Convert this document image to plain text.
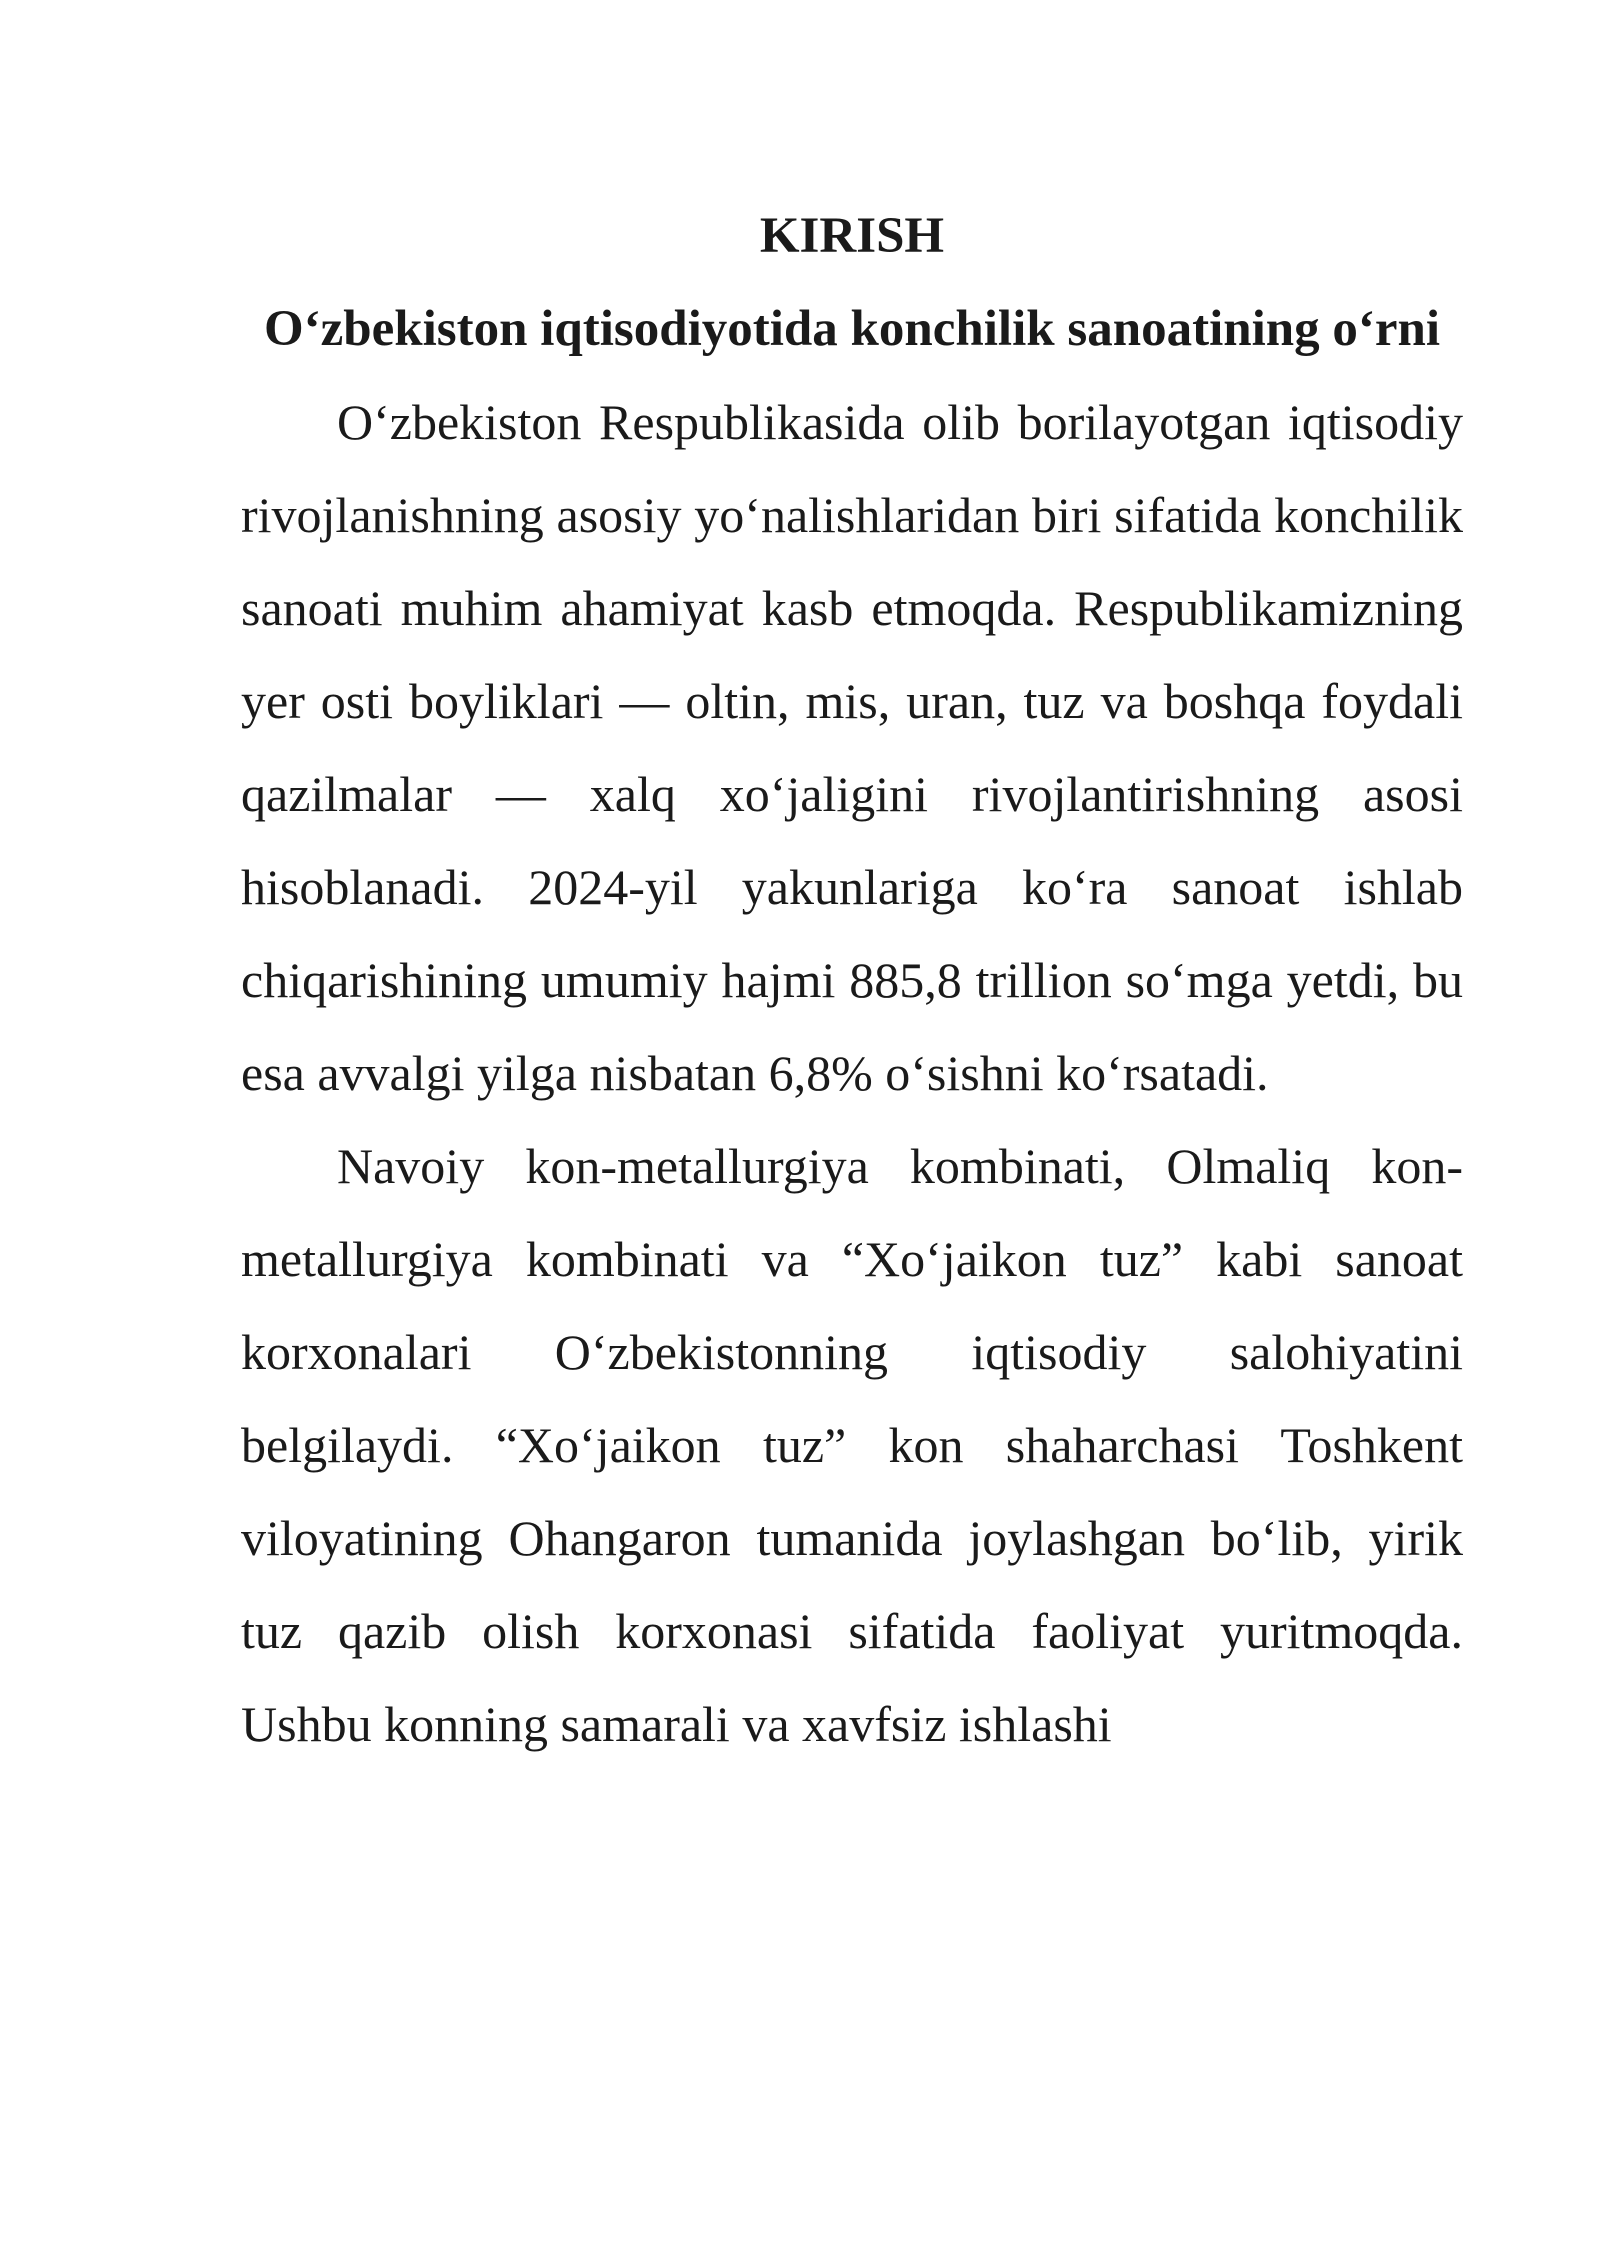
KIRISH
O‘zbekiston iqtisodiyotida konchilik sanoatining o‘rni

O‘zbekiston Respublikasida olib borilayotgan iqtisodiy rivojlanishning asosiy yo‘nalishlaridan biri sifatida konchilik sanoati muhim ahamiyat kasb etmoqda. Respublikamizning yer osti boyliklari — oltin, mis, uran, tuz va boshqa foydali qazilmalar — xalq xo‘jaligini rivojlantirishning asosi hisoblanadi. 2024-yil yakunlariga ko‘ra sanoat ishlab chiqarishining umumiy hajmi 885,8 trillion so‘mga yetdi, bu esa avvalgi yilga nisbatan 6,8% o‘sishni ko‘rsatadi.

Navoiy kon-metallurgiya kombinati, Olmaliq kon-metallurgiya kombinati va “Xo‘jaikon tuz” kabi sanoat korxonalari O‘zbekistonning iqtisodiy salohiyatini belgilaydi. “Xo‘jaikon tuz” kon shaharchasi Toshkent viloyatining Ohangaron tumanida joylashgan bo‘lib, yirik tuz qazib olish korxonasi sifatida faoliyat yuritmoqda. Ushbu konning samarali va xavfsiz ishlashi
